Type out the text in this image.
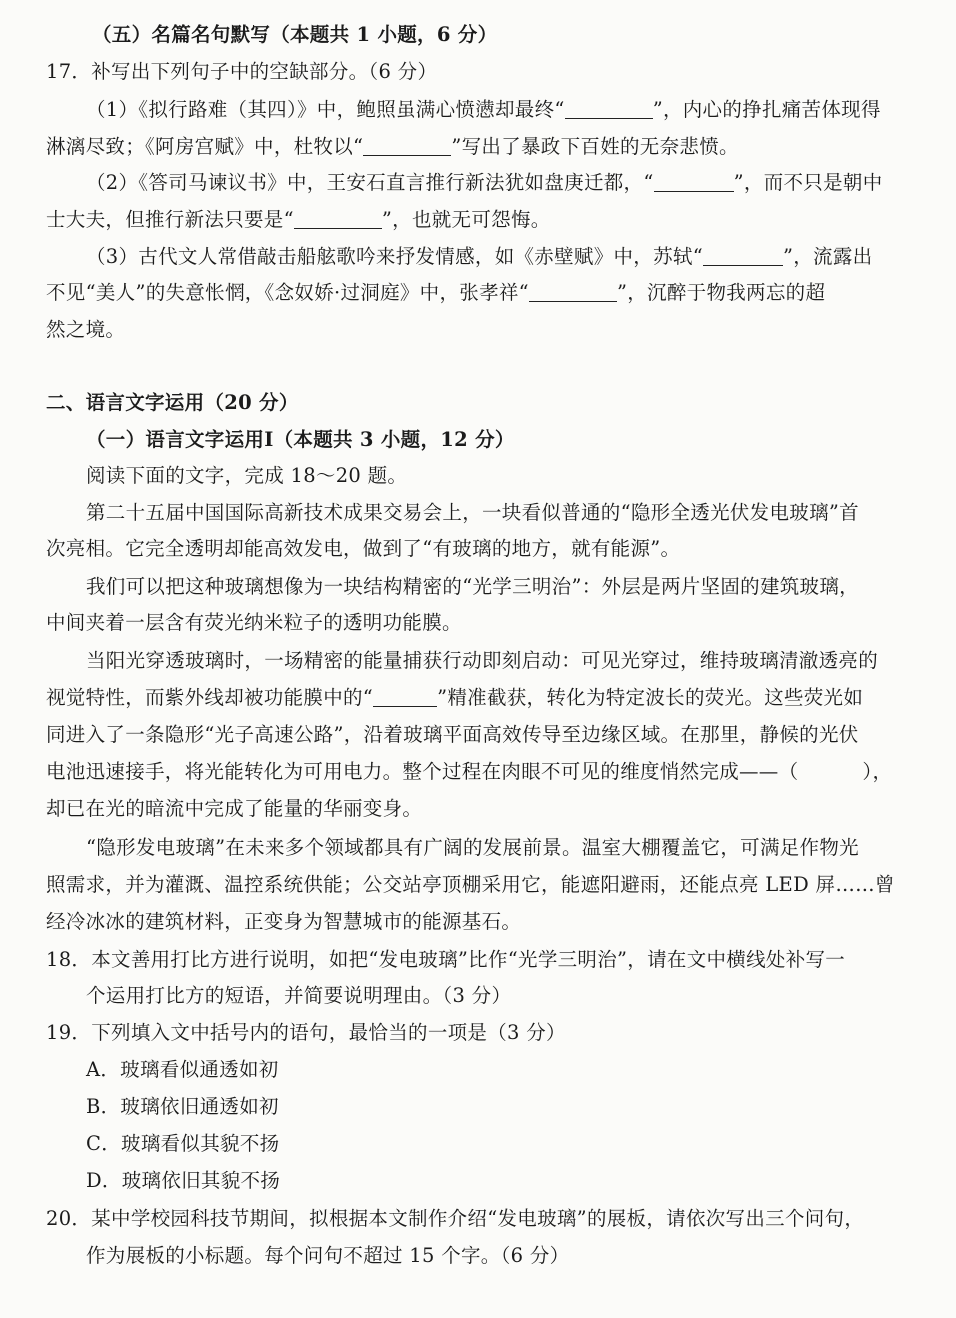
（五）名篇名句默写（本题共 1 小题，6 分）
17．补写出下列句子中的空缺部分。（6 分）
（1）《拟行路难（其四）》中，鲍照虽满心愤懑却最终“	”，内心的挣扎痛苦体现得
淋漓尽致；《阿房宫赋》中，杜牧以“	”写出了暴政下百姓的无奈悲愤。
（2）《答司马谏议书》中，王安石直言推行新法犹如盘庚迁都，“	”，而不只是朝中
士大夫，但推行新法只要是“	”，也就无可怨悔。
（3）古代文人常借敲击船舷歌吟来抒发情感，如《赤壁赋》中，苏轼“	”，流露出
不见“美人”的失意怅惘，《念奴娇·过洞庭》中，张孝祥“	”，沉醉于物我两忘的超
然之境。
二、语言文字运用（20 分）
（一）语言文字运用Ⅰ（本题共 3 小题，12 分）
阅读下面的文字，完成 18～20 题。
第二十五届中国国际高新技术成果交易会上，一块看似普通的“隐形全透光伏发电玻璃”首
次亮相。它完全透明却能高效发电，做到了“有玻璃的地方，就有能源”。
我们可以把这种玻璃想像为一块结构精密的“光学三明治”：外层是两片坚固的建筑玻璃，
中间夹着一层含有荧光纳米粒子的透明功能膜。
当阳光穿透玻璃时，一场精密的能量捕获行动即刻启动：可见光穿过，维持玻璃清澈透亮的
视觉特性，而紫外线却被功能膜中的“	”精准截获，转化为特定波长的荧光。这些荧光如
同进入了一条隐形“光子高速公路”，沿着玻璃平面高效传导至边缘区域。在那里，静候的光伏
电池迅速接手，将光能转化为可用电力。整个过程在肉眼不可见的维度悄然完成——（	），
却已在光的暗流中完成了能量的华丽变身。
“隐形发电玻璃”在未来多个领域都具有广阔的发展前景。温室大棚覆盖它，可满足作物光
照需求，并为灌溉、温控系统供能；公交站亭顶棚采用它，能遮阳避雨，还能点亮 LED 屏……曾
经冷冰冰的建筑材料，正变身为智慧城市的能源基石。
18．本文善用打比方进行说明，如把“发电玻璃”比作“光学三明治”，请在文中横线处补写一
个运用打比方的短语，并简要说明理由。（3 分）
19．下列填入文中括号内的语句，最恰当的一项是（3 分）
A．玻璃看似通透如初
B．玻璃依旧通透如初
C．玻璃看似其貌不扬
D．玻璃依旧其貌不扬
20．某中学校园科技节期间，拟根据本文制作介绍“发电玻璃”的展板，请依次写出三个问句，
作为展板的小标题。每个问句不超过 15 个字。（6 分）
